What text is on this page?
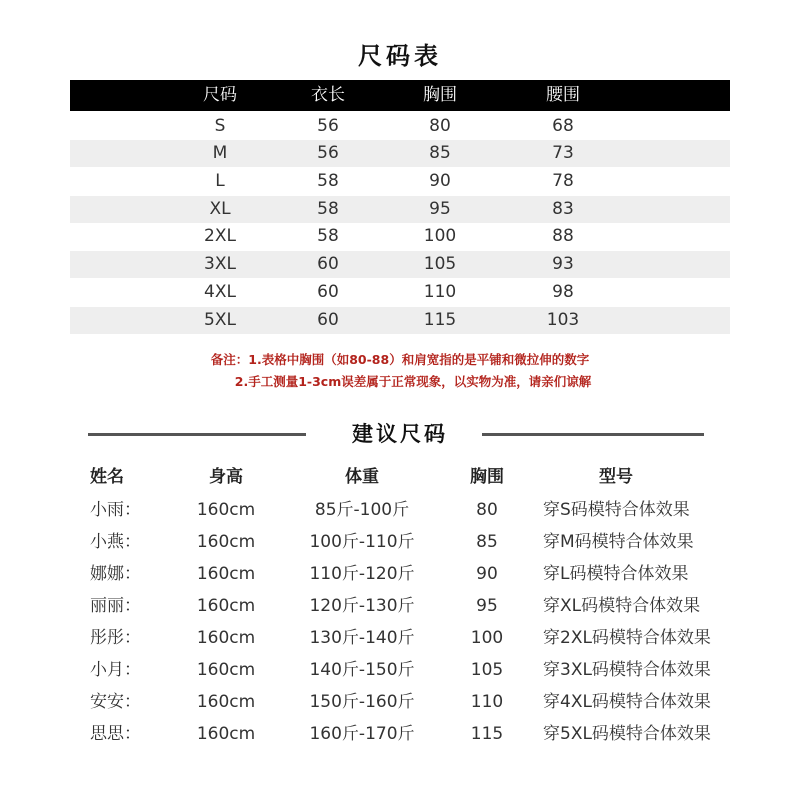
尺码表
尺码	衣长	胸围	腰围
S	56	80	68
M	56	85	73
L	58	90	78
XL	58	95	83
2XL	58	100	88
3XL	60	105	93
4XL	60	110	98
5XL	60	115	103
备注：1.表格中胸围（如80-88）和肩宽指的是平铺和微拉伸的数字
2.手工测量1-3cm误差属于正常现象，以实物为准，请亲们谅解
建议尺码
姓名	身高	体重	胸围	型号
小雨：	160cm	85斤-100斤	80	穿S码模特合体效果
小燕：	160cm	100斤-110斤	85	穿M码模特合体效果
娜娜：	160cm	110斤-120斤	90	穿L码模特合体效果
丽丽：	160cm	120斤-130斤	95	穿XL码模特合体效果
彤彤：	160cm	130斤-140斤	100 穿2XL码模特合体效果
小月：	160cm	140斤-150斤	105 穿3XL码模特合体效果
安安：	160cm	150斤-160斤	110 穿4XL码模特合体效果
思思：	160cm	160斤-170斤	115 穿5XL码模特合体效果
